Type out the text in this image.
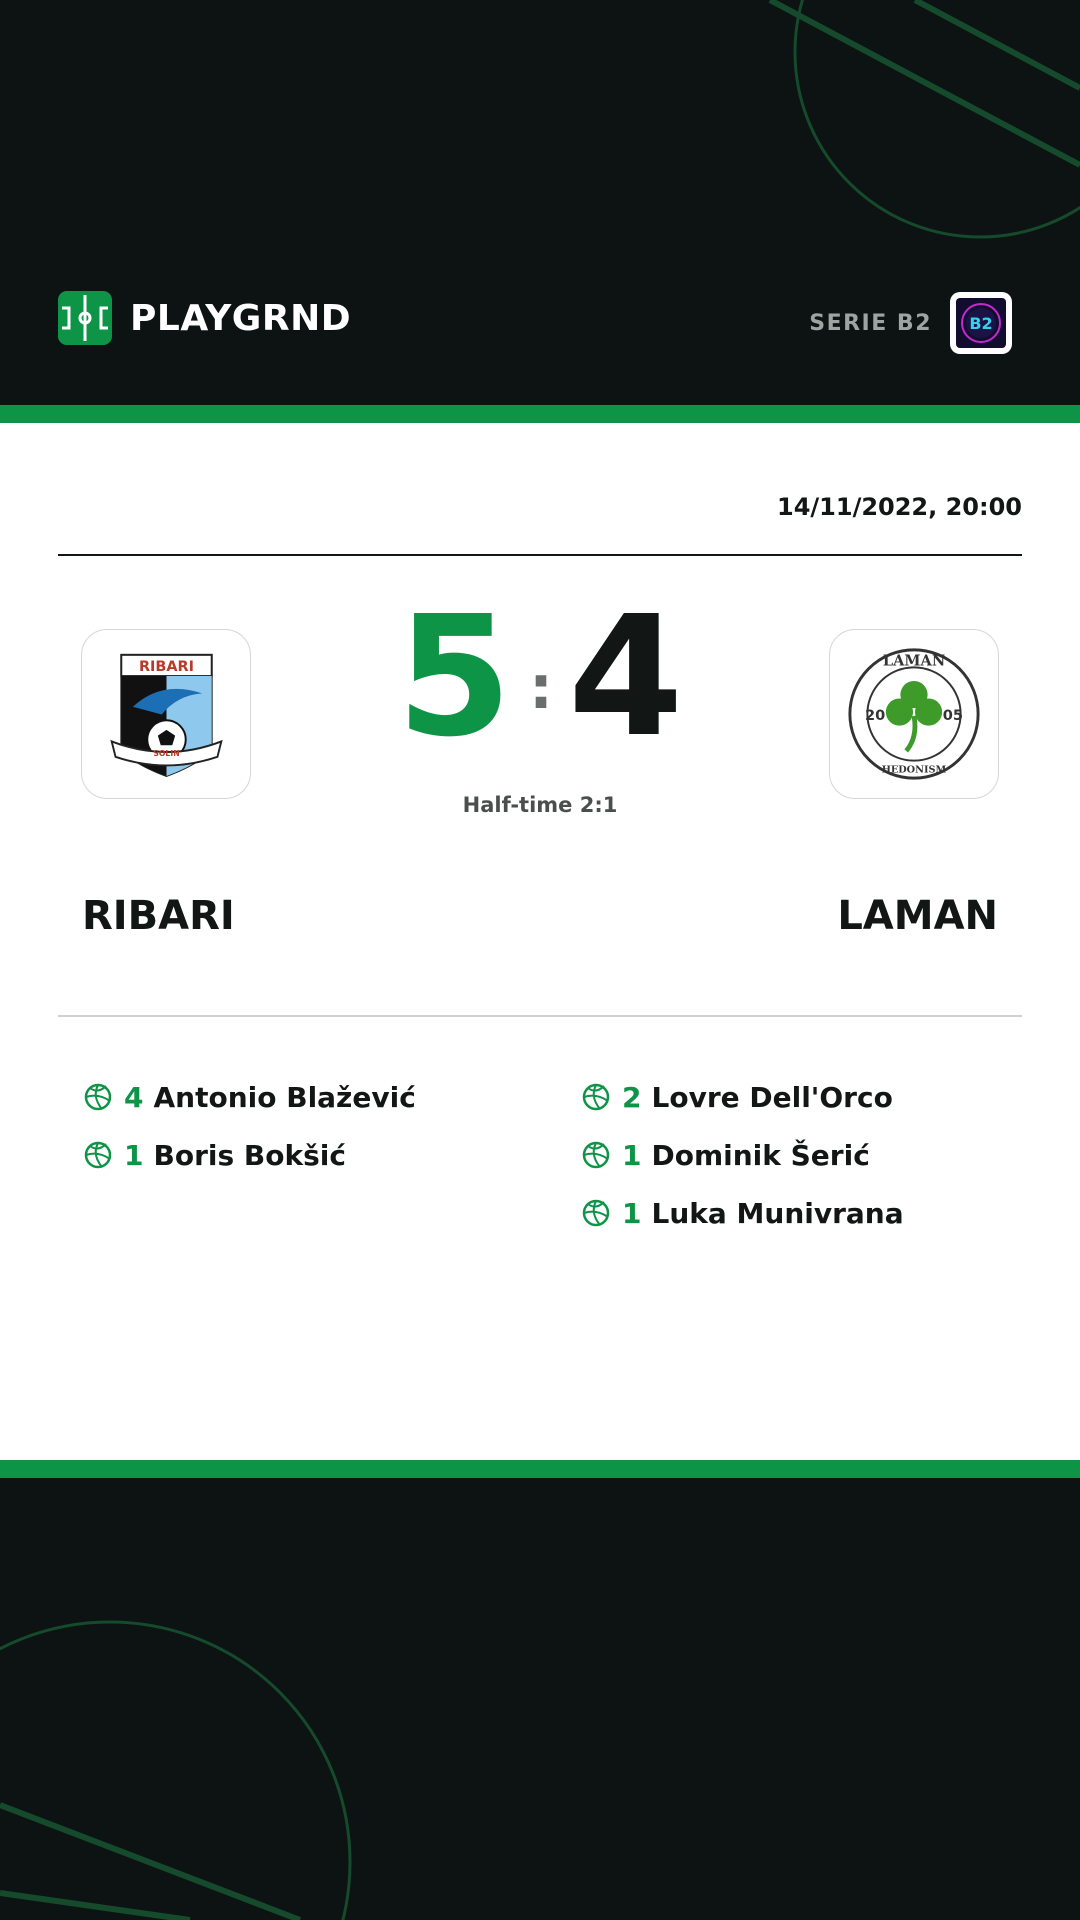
PLAYGRND	SERIE B2 B2
14/11/2022, 20:00
RIBARI
SOLIN 5 : 4
Half-time 2:1
LAMAN
HEDONISM
20	05
RIBARI	LAMAN
4 Antonio Blažević
1 Boris Bokšić
2 Lovre Dell'Orco
1 Dominik Šerić
1 Luka Munivrana
